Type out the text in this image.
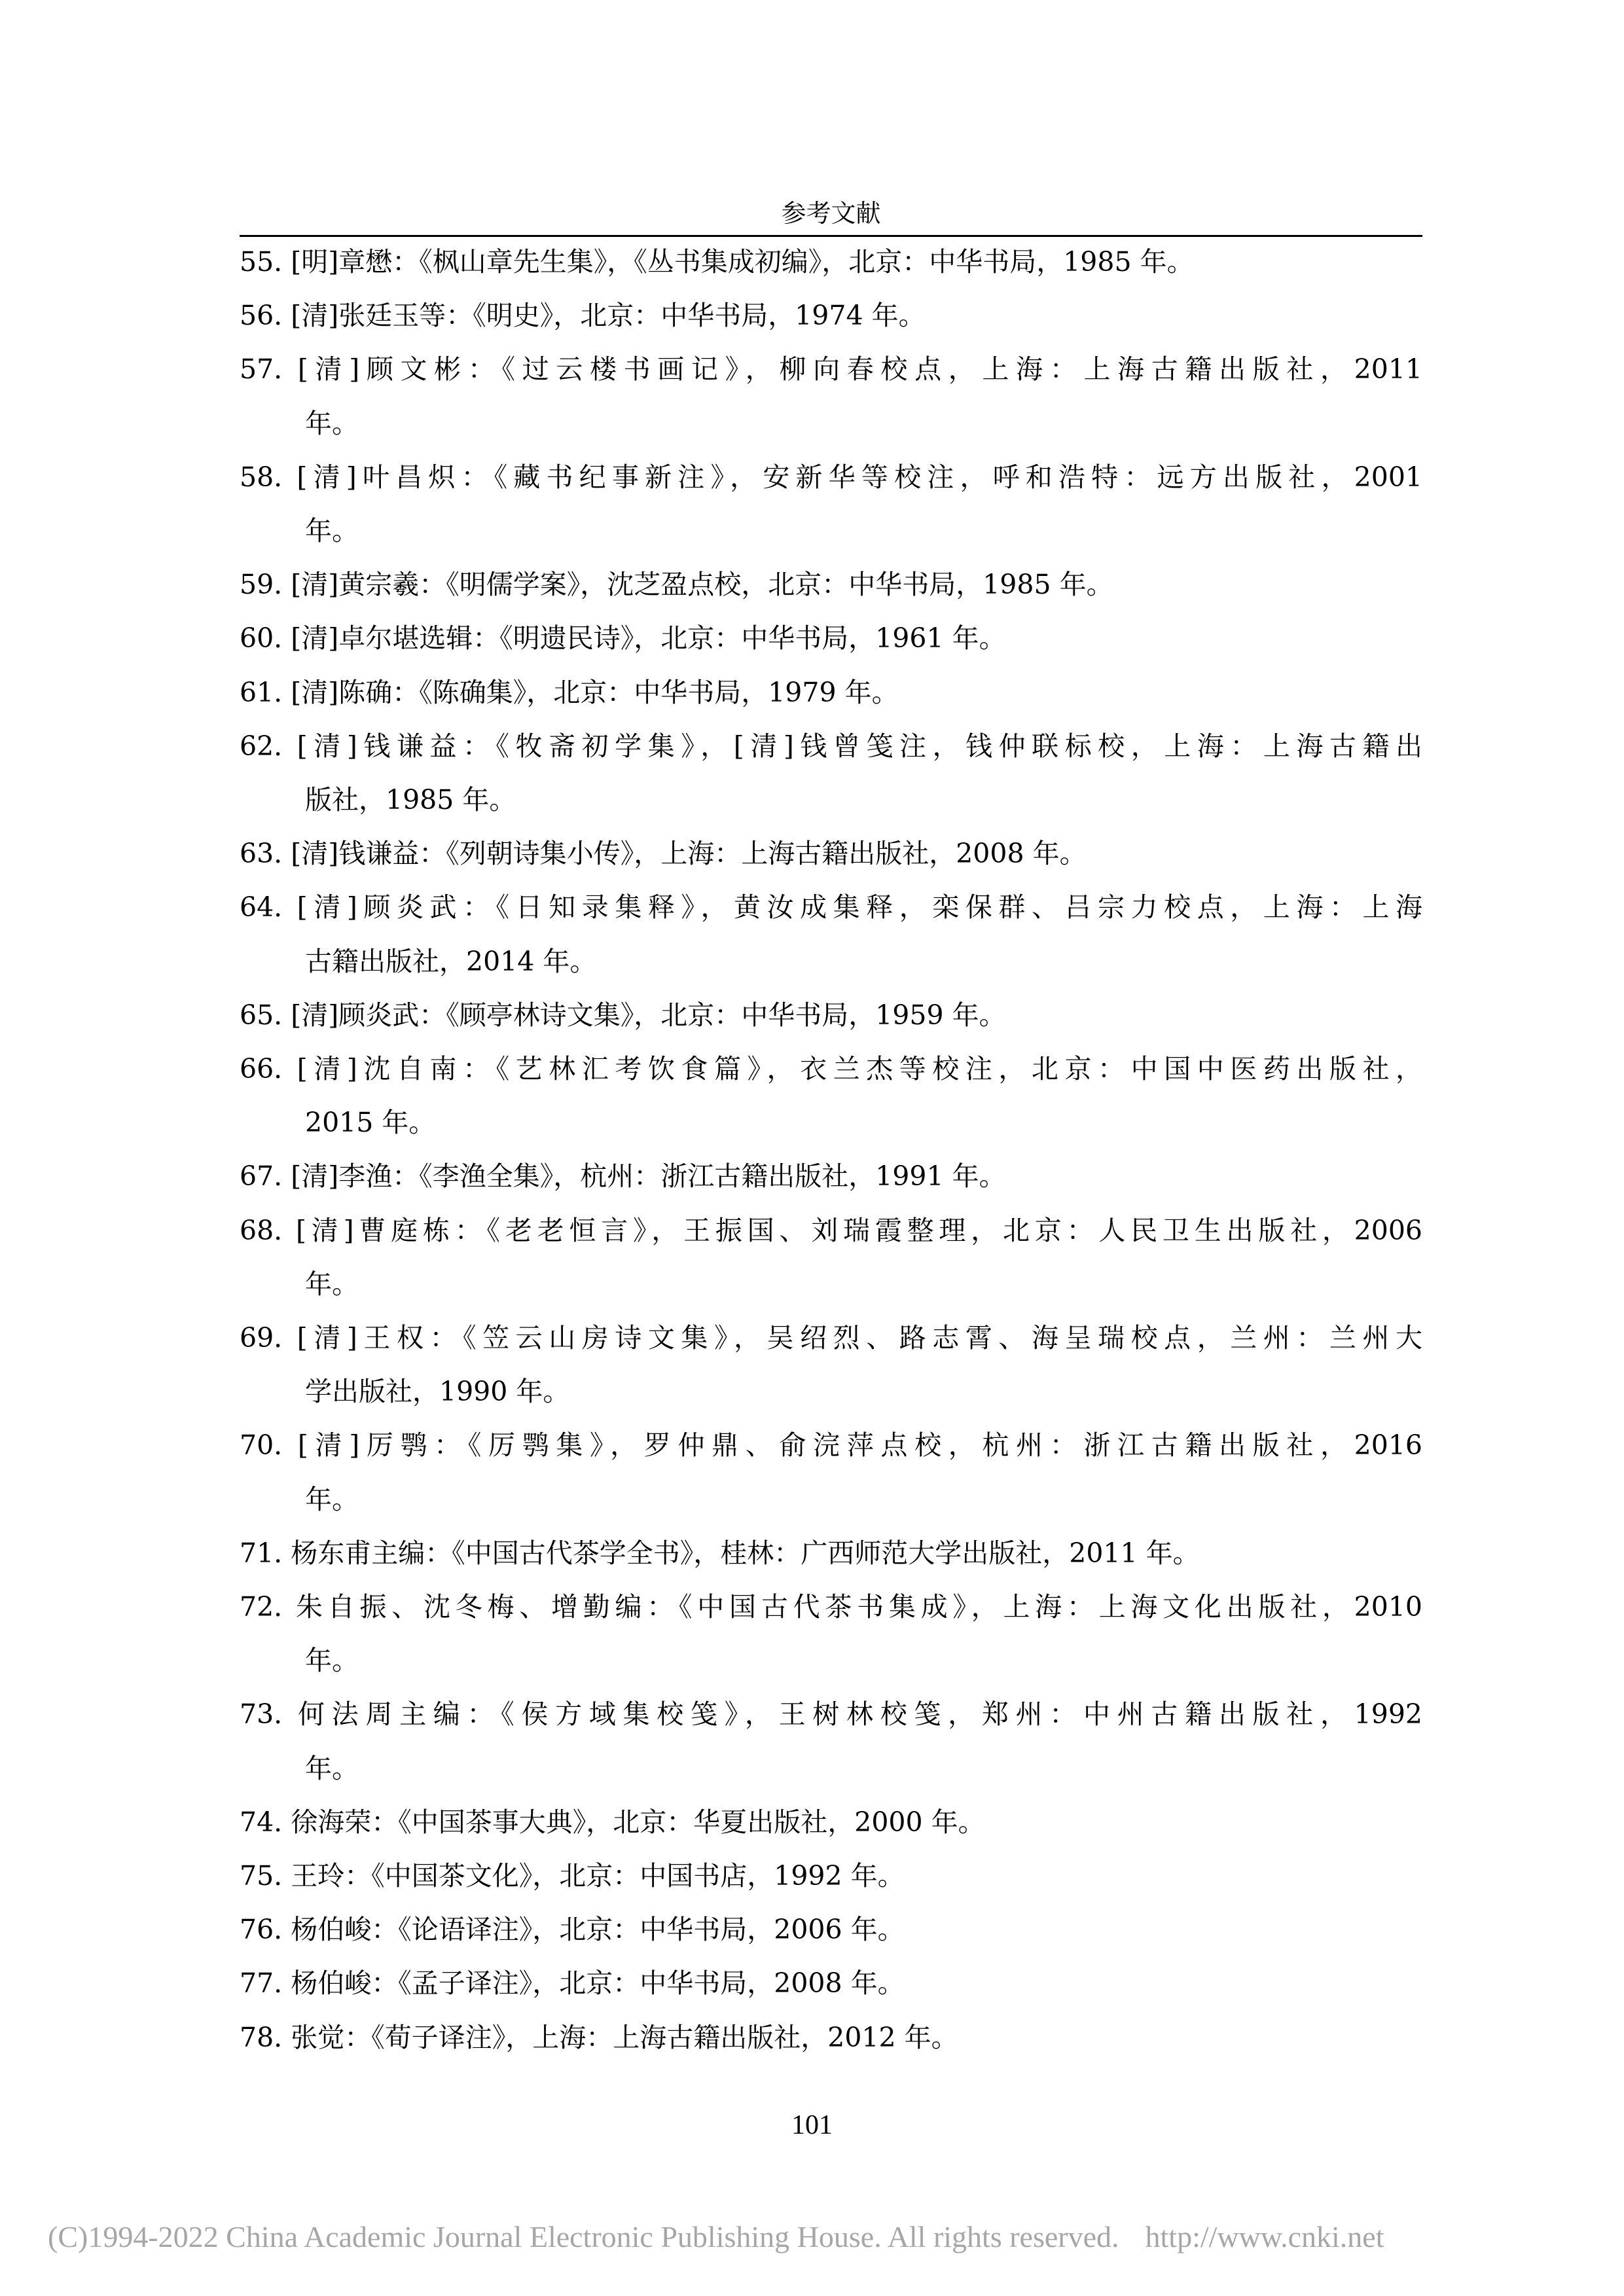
参考文献
55. [明]章懋：《枫山章先生集》，《丛书集成初编》，北京：中华书局，1985 年。
56. [清]张廷玉等：《明史》，北京：中华书局，1974 年。
57. [清]顾文彬：《过云楼书画记》，柳向春校点，上海：上海古籍出版社，2011
年。
58. [清]叶昌炽：《藏书纪事新注》，安新华等校注，呼和浩特：远方出版社，2001
年。
59. [清]黄宗羲：《明儒学案》，沈芝盈点校，北京：中华书局，1985 年。
60. [清]卓尔堪选辑：《明遗民诗》，北京：中华书局，1961 年。
61. [清]陈确：《陈确集》，北京：中华书局，1979 年。
62. [清]钱谦益：《牧斋初学集》，[清]钱曾笺注，钱仲联标校，上海：上海古籍出
版社，1985 年。
63. [清]钱谦益：《列朝诗集小传》，上海：上海古籍出版社，2008 年。
64. [清]顾炎武：《日知录集释》，黄汝成集释，栾保群、吕宗力校点，上海：上海
古籍出版社，2014 年。
65. [清]顾炎武：《顾亭林诗文集》，北京：中华书局，1959 年。
66. [清]沈自南：《艺林汇考饮食篇》，衣兰杰等校注，北京：中国中医药出版社，
2015 年。
67. [清]李渔：《李渔全集》，杭州：浙江古籍出版社，1991 年。
68. [清]曹庭栋：《老老恒言》，王振国、刘瑞霞整理，北京：人民卫生出版社，2006
年。
69. [清]王权：《笠云山房诗文集》，吴绍烈、路志霄、海呈瑞校点，兰州：兰州大
学出版社，1990 年。
70. [清]厉鹗：《厉鹗集》，罗仲鼎、俞浣萍点校，杭州：浙江古籍出版社，2016
年。
71. 杨东甫主编：《中国古代茶学全书》，桂林：广西师范大学出版社，2011 年。
72. 朱自振、沈冬梅、增勤编：《中国古代茶书集成》，上海：上海文化出版社，2010
年。
73. 何法周主编：《侯方域集校笺》，王树林校笺，郑州：中州古籍出版社，1992
年。
74. 徐海荣：《中国茶事大典》，北京：华夏出版社，2000 年。
75. 王玲：《中国茶文化》，北京：中国书店，1992 年。
76. 杨伯峻：《论语译注》，北京：中华书局，2006 年。
77. 杨伯峻：《孟子译注》，北京：中华书局，2008 年。
78. 张觉：《荀子译注》，上海：上海古籍出版社，2012 年。
101
(C)1994-2022 China Academic Journal Electronic Publishing House. All rights reserved. http://www.cnki.net
